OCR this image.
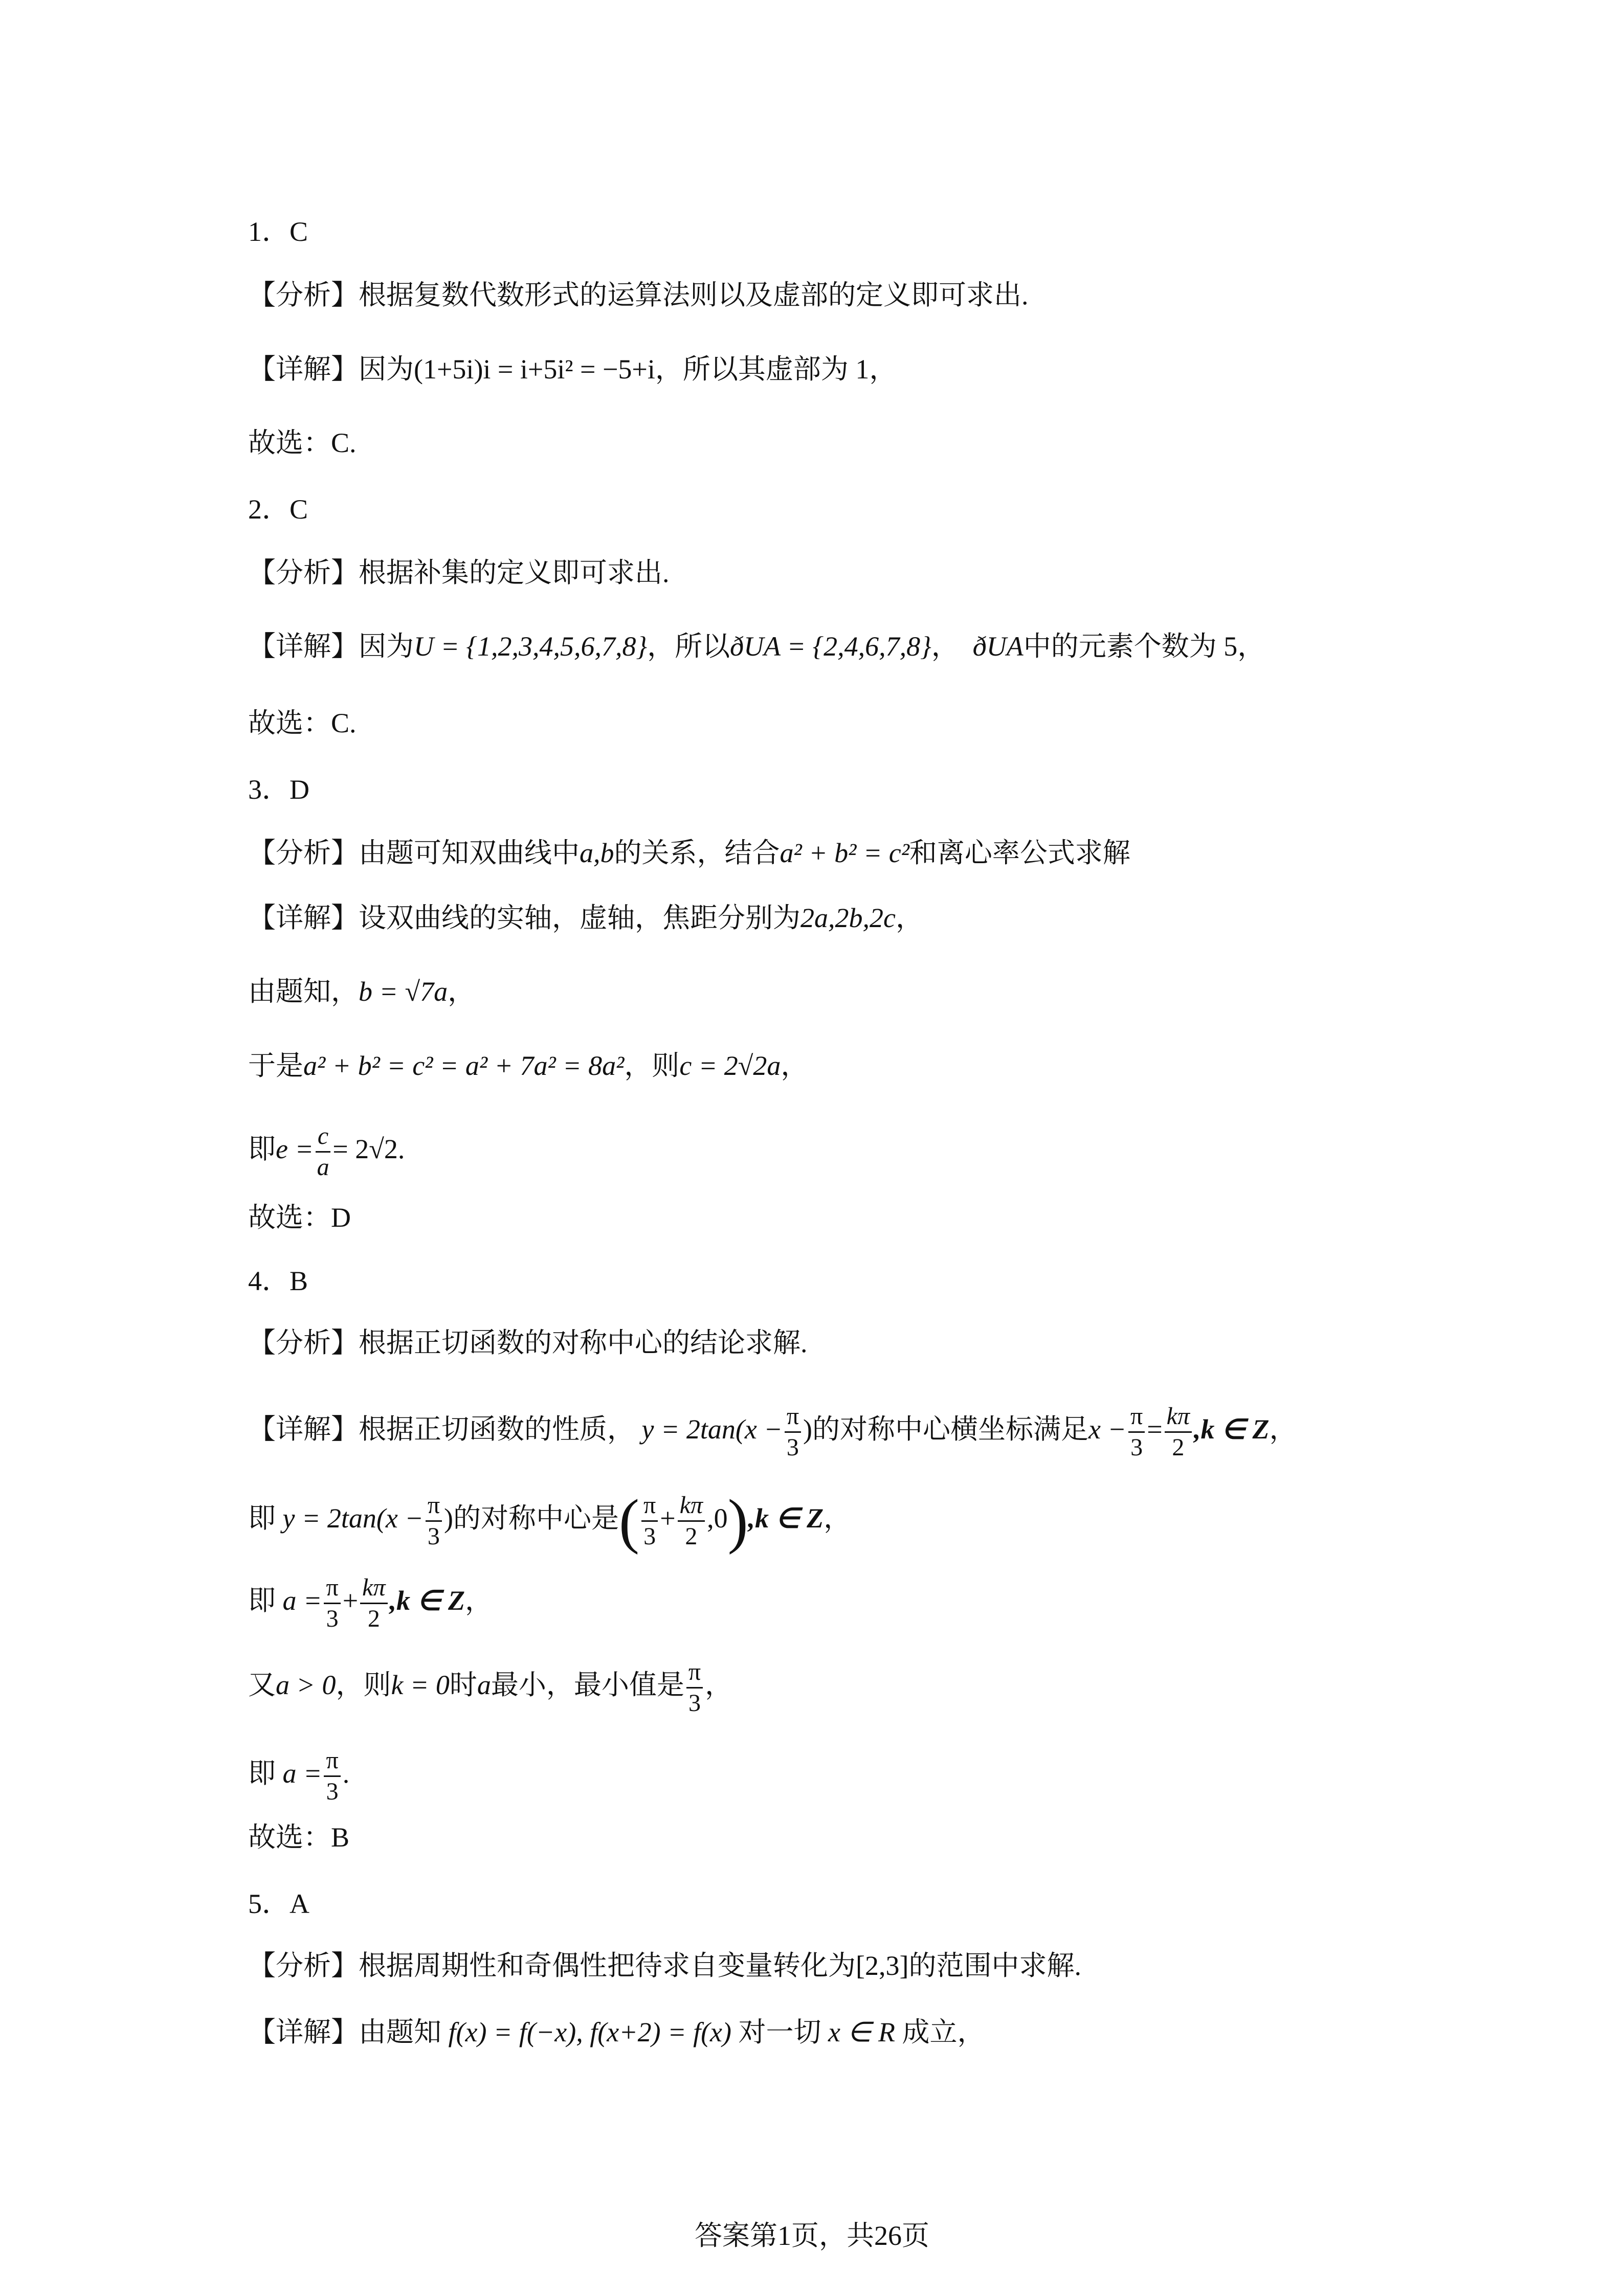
1．C
【分析】根据复数代数形式的运算法则以及虚部的定义即可求出.
【详解】因为(1+5i)i = i+5i² = −5+i，所以其虚部为 1，
故选：C.
2．C
【分析】根据补集的定义即可求出.
【详解】因为U = {1,2,3,4,5,6,7,8}，所以ðUA = {2,4,6,7,8}， ðUA中的元素个数为 5，
故选：C.
3．D
【分析】由题可知双曲线中a,b的关系，结合a² + b² = c²和离心率公式求解
【详解】设双曲线的实轴，虚轴，焦距分别为2a,2b,2c，
由题知，b = √7a，
于是a² + b² = c² = a² + 7a² = 8a²，则c = 2√2a，
即$e = \frac{c}{a} = 2√2$.
故选：D
4．B
【分析】根据正切函数的对称中心的结论求解.
【详解】根据正切函数的性质， $y = 2\tan(x - \frac{\pi}{3}$ )的对称中心横坐标满足$x - \frac{\pi}{3} = \frac{k\pi}{2} ,k$ ∈ Z，
即 $y = 2\tan(x - \frac{\pi}{3}$ )的对称中心是( $\frac{\pi}{3} + \frac{k\pi}{2} ,0),k$ ∈ Z，
即 $a = \frac{\pi}{3} + \frac{k\pi}{2} ,k$ ∈ Z，
又a > 0，则k = 0时a最小，最小值是 $\frac{\pi}{3}$ ，
即 $a = \frac{\pi}{3}$ .
故选：B
5．A
【分析】根据周期性和奇偶性把待求自变量转化为[2,3]的范围中求解.
【详解】由题知 f(x) = f(−x), f(x+2) = f(x) 对一切 x ∈ R 成立，
答案第1页，共26页
